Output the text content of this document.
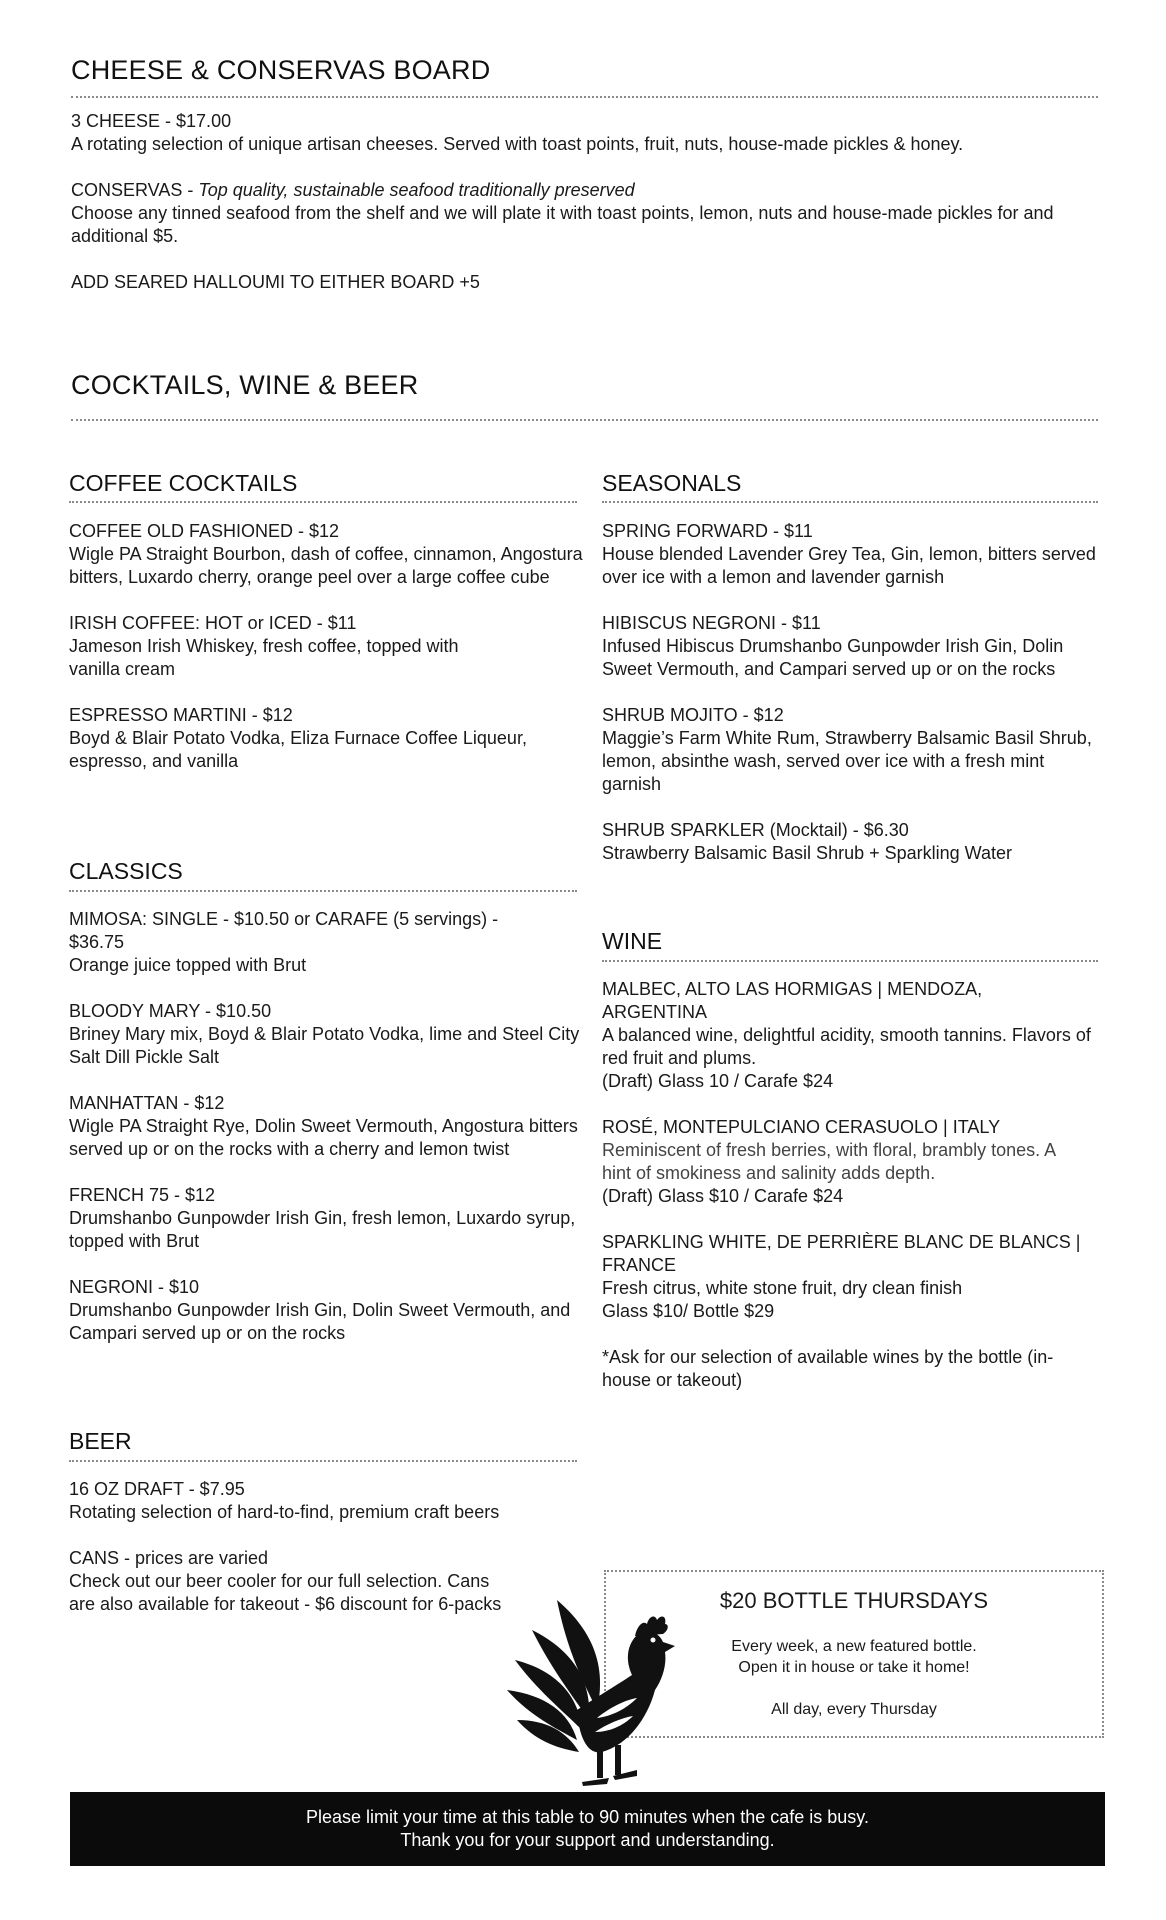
CHEESE & CONSERVAS BOARD
3 CHEESE - $17.00
A rotating selection of unique artisan cheeses. Served with toast points, fruit, nuts, house-made pickles & honey.
CONSERVAS - Top quality, sustainable seafood traditionally preserved
Choose any tinned seafood from the shelf and we will plate it with toast points, lemon, nuts and house-made pickles for and additional $5.
ADD SEARED HALLOUMI TO EITHER BOARD +5
COCKTAILS, WINE & BEER
COFFEE COCKTAILS
COFFEE OLD FASHIONED - $12
Wigle PA Straight Bourbon, dash of coffee, cinnamon, Angostura bitters, Luxardo cherry, orange peel over a large coffee cube
IRISH COFFEE: HOT or ICED - $11
Jameson Irish Whiskey, fresh coffee, topped with vanilla cream
ESPRESSO MARTINI - $12
Boyd & Blair Potato Vodka, Eliza Furnace Coffee Liqueur, espresso, and vanilla
CLASSICS
MIMOSA: SINGLE - $10.50 or CARAFE (5 servings) - $36.75
Orange juice topped with Brut
BLOODY MARY - $10.50
Briney Mary mix, Boyd & Blair Potato Vodka, lime and Steel City Salt Dill Pickle Salt
MANHATTAN - $12
Wigle PA Straight Rye, Dolin Sweet Vermouth, Angostura bitters served up or on the rocks with a cherry and lemon twist
FRENCH 75 - $12
Drumshanbo Gunpowder Irish Gin, fresh lemon, Luxardo syrup, topped with Brut
NEGRONI - $10
Drumshanbo Gunpowder Irish Gin, Dolin Sweet Vermouth, and Campari served up or on the rocks
BEER
16 OZ DRAFT - $7.95
Rotating selection of hard-to-find, premium craft beers
CANS - prices are varied
Check out our beer cooler for our full selection. Cans are also available for takeout - $6 discount for 6-packs
SEASONALS
SPRING FORWARD - $11
House blended Lavender Grey Tea, Gin, lemon, bitters served over ice with a lemon and lavender garnish
HIBISCUS NEGRONI - $11
Infused Hibiscus Drumshanbo Gunpowder Irish Gin, Dolin Sweet Vermouth, and Campari served up or on the rocks
SHRUB MOJITO - $12
Maggie’s Farm White Rum, Strawberry Balsamic Basil Shrub, lemon, absinthe wash, served over ice with a fresh mint garnish
SHRUB SPARKLER (Mocktail) - $6.30
Strawberry Balsamic Basil Shrub + Sparkling Water
WINE
MALBEC, ALTO LAS HORMIGAS | MENDOZA, ARGENTINA
A balanced wine, delightful acidity, smooth tannins. Flavors of red fruit and plums.
(Draft) Glass 10 / Carafe $24
ROSÉ, MONTEPULCIANO CERASUOLO | ITALY
Reminiscent of fresh berries, with floral, brambly tones. A hint of smokiness and salinity adds depth.
(Draft) Glass $10 / Carafe $24
SPARKLING WHITE, DE PERRIÈRE BLANC DE BLANCS | FRANCE
Fresh citrus, white stone fruit, dry clean finish
Glass $10/ Bottle $29
*Ask for our selection of available wines by the bottle (in-house or takeout)
$20 BOTTLE THURSDAYS
Every week, a new featured bottle.
Open it in house or take it home!
All day, every Thursday
Please limit your time at this table to 90 minutes when the cafe is busy.
Thank you for your support and understanding.
